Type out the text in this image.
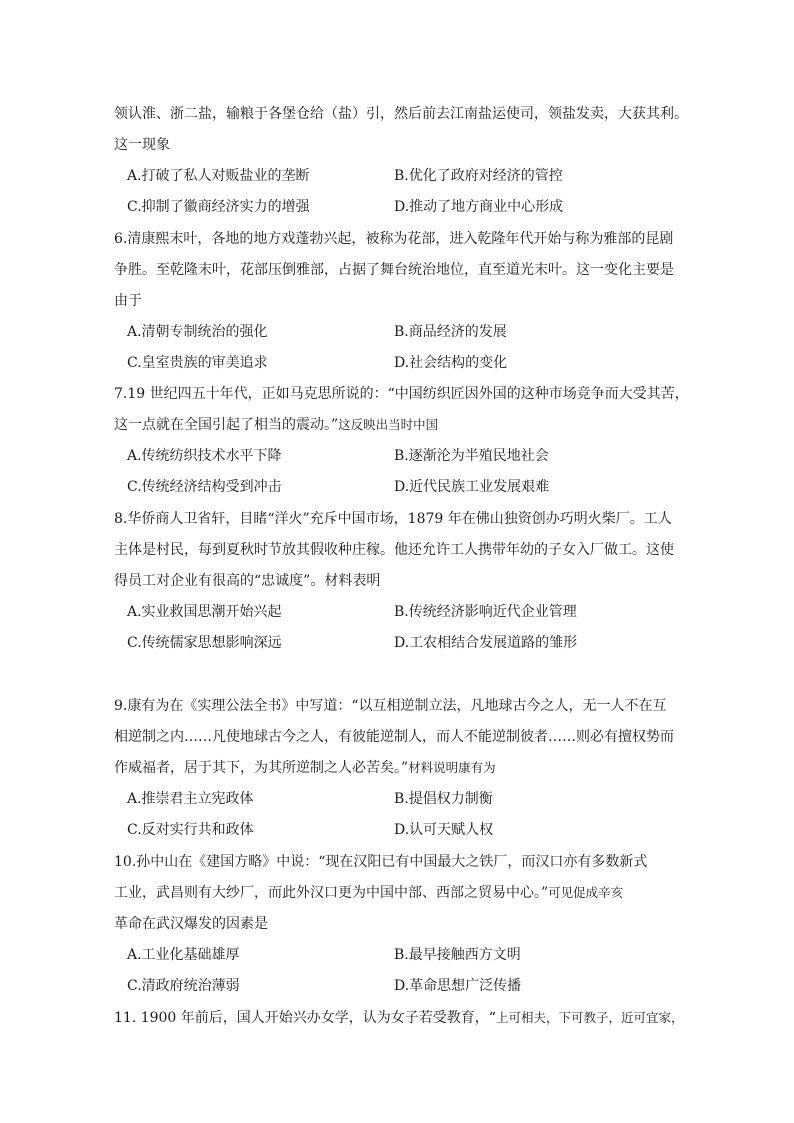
领认淮、浙二盐，输粮于各堡仓给（盐）引，然后前去江南盐运使司，领盐发卖，大获其利。
这一现象
A.打破了私人对贩盐业的垄断	B.优化了政府对经济的管控
C.抑制了徽商经济实力的增强	D.推动了地方商业中心形成
6.清康熙末叶，各地的地方戏蓬勃兴起，被称为花部，进入乾隆年代开始与称为雅部的昆剧
争胜。至乾隆末叶，花部压倒雅部，占据了舞台统治地位，直至道光末叶。这一变化主要是
由于
A.清朝专制统治的强化	B.商品经济的发展
C.皇室贵族的审美追求	D.社会结构的变化
7.19 世纪四五十年代，正如马克思所说的：“中国纺织匠因外国的这种市场竞争而大受其苦，
这一点就在全国引起了相当的震动。”这反映出当时中国
A.传统纺织技术水平下降	B.逐渐沦为半殖民地社会
C.传统经济结构受到冲击	D.近代民族工业发展艰难
8.华侨商人卫省轩，目睹“洋火”充斥中国市场，1879 年在佛山独资创办巧明火柴厂。工人
主体是村民，每到夏秋时节放其假收种庄稼。他还允许工人携带年幼的子女入厂做工。这使
得员工对企业有很高的“忠诚度”。材料表明
A.实业救国思潮开始兴起	B.传统经济影响近代企业管理
C.传统儒家思想影响深远	D.工农相结合发展道路的雏形
9.康有为在《实理公法全书》中写道：“以互相逆制立法，凡地球古今之人，无一人不在互
相逆制之内……凡使地球古今之人，有彼能逆制人，而人不能逆制彼者……则必有擅权势而
作威福者，居于其下，为其所逆制之人必苦矣。”材料说明康有为
A.推崇君主立宪政体	B.提倡权力制衡
C.反对实行共和政体	D.认可天赋人权
10.孙中山在《建国方略》中说：“现在汉阳已有中国最大之铁厂，而汉口亦有多数新式
工业，武昌则有大纱厂，而此外汉口更为中国中部、西部之贸易中心。”可见促成辛亥
革命在武汉爆发的因素是
A.工业化基础雄厚	B.最早接触西方文明
C.清政府统治薄弱	D.革命思想广泛传播
11. 1900 年前后，国人开始兴办女学，认为女子若受教育，“上可相夫，下可教子，近可宜家，
